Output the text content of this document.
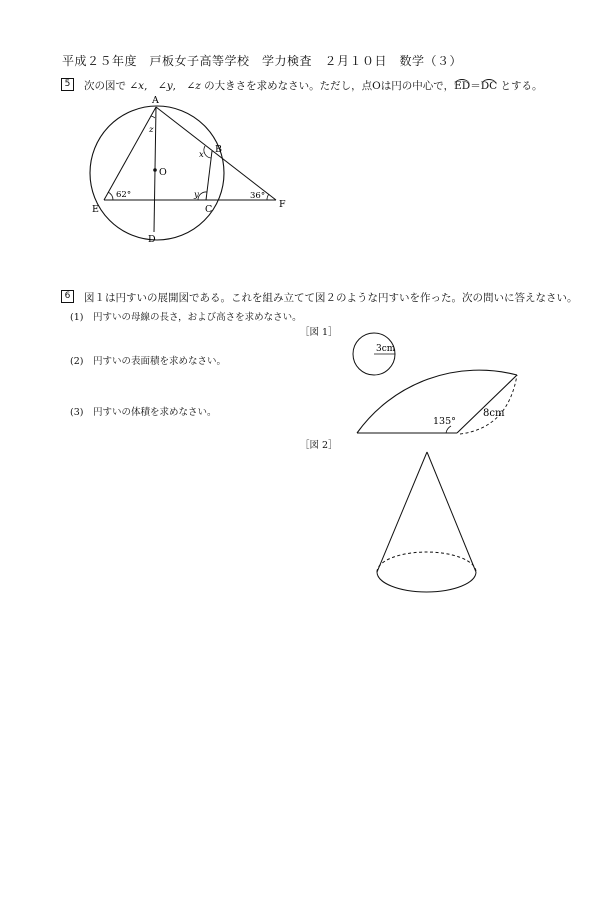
平成２５年度　戸板女子高等学校　学力検査　２月１０日　数学（３）
5	次の図で ∠x,　∠y,　∠z の大きさを求めなさい。ただし，点Oは円の中心で，ED＝DC とする。
A
B
C
D
E	F
O
x
y
z
62°	36°
6	図１は円すいの展開図である。これを組み立てて図２のような円すいを作った。次の問いに答えなさい。
(1)　円すいの母線の長さ，および高さを求めなさい。
(2)　円すいの表面積を求めなさい。
(3)　円すいの体積を求めなさい。
［図 1］
［図 2］
3cm
135°
8cm
